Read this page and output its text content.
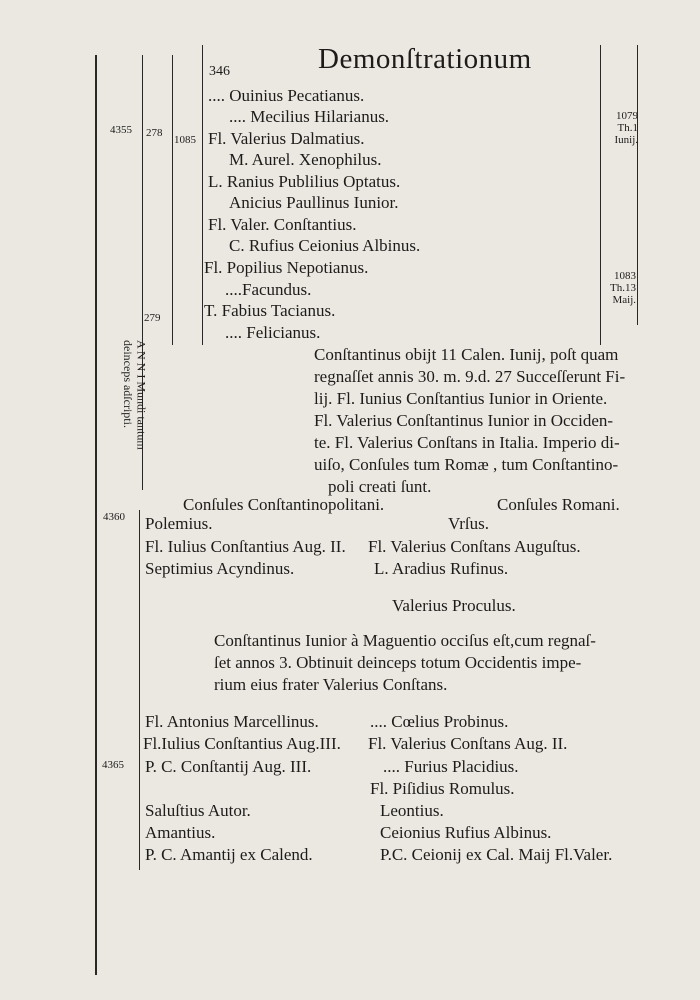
346	Demonſtrationum
4355 278
1085
279
4360
4365
A N N I Mundi tantum
deinceps adſcripti.
1079
Th.1
Iunij.
1083
Th.13
Maij.
.... Ouinius Pecatianus.
.... Mecilius Hilarianus.
Fl. Valerius Dalmatius.
M. Aurel. Xenophilus.
L. Ranius Publilius Optatus.
Anicius Paullinus Iunior.
Fl. Valer. Conſtantius.
C. Rufius Ceionius Albinus.
Fl. Popilius Nepotianus.
....Facundus.
T. Fabius Tacianus.
.... Felicianus.
Conſtantinus obijt 11 Calen. Iunij, poſt quam
regnaſſet annis 30. m. 9.d. 27 Succeſſerunt Fi-
lij. Fl. Iunius Conſtantius Iunior in Oriente.
Fl. Valerius Conſtantinus Iunior in Occiden-
te. Fl. Valerius Conſtans in Italia. Imperio di-
uiſo, Conſules tum Romæ , tum Conſtantino-
poli creati ſunt.
Conſules Conſtantinopolitani.	Conſules Romani.
Polemius.	Vrſus.
Fl. Iulius Conſtantius Aug. II. Fl. Valerius Conſtans Auguſtus.
Septimius Acyndinus.	L. Aradius Rufinus.
Valerius Proculus.
Conſtantinus Iunior à Maguentio occiſus eſt,cum regnaſ-
ſet annos 3. Obtinuit deinceps totum Occidentis impe-
rium eius frater Valerius Conſtans.
Fl. Antonius Marcellinus.	.... Cœlius Probinus.
Fl.Iulius Conſtantius Aug.III. Fl. Valerius Conſtans Aug. II.
P. C. Conſtantij Aug. III.	.... Furius Placidius.
Fl. Piſidius Romulus.
Saluſtius Autor.	Leontius.
Amantius.	Ceionius Rufius Albinus.
P. C. Amantij ex Calend.	P.C. Ceionij ex Cal. Maij Fl.Valer.
